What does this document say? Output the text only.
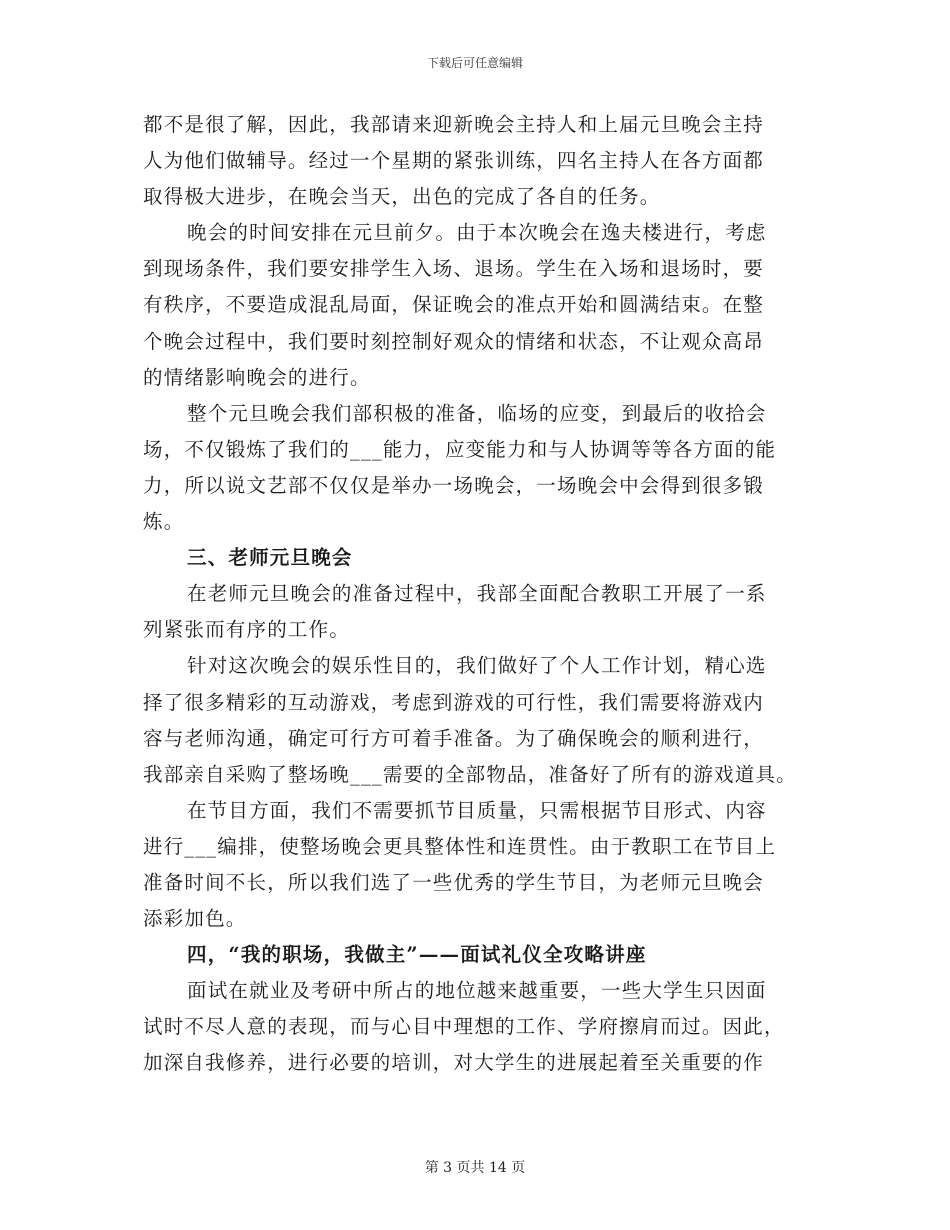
下载后可任意编辑
都不是很了解，因此，我部请来迎新晚会主持人和上届元旦晚会主持
人为他们做辅导。经过一个星期的紧张训练，四名主持人在各方面都
取得极大进步，在晚会当天，出色的完成了各自的任务。
晚会的时间安排在元旦前夕。由于本次晚会在逸夫楼进行，考虑
到现场条件，我们要安排学生入场、退场。学生在入场和退场时，要
有秩序，不要造成混乱局面，保证晚会的准点开始和圆满结束。在整
个晚会过程中，我们要时刻控制好观众的情绪和状态，不让观众高昂
的情绪影响晚会的进行。
整个元旦晚会我们部积极的准备，临场的应变，到最后的收拾会
场，不仅锻炼了我们的___能力，应变能力和与人协调等等各方面的能
力，所以说文艺部不仅仅是举办一场晚会，一场晚会中会得到很多锻
炼。
三、老师元旦晚会
在老师元旦晚会的准备过程中，我部全面配合教职工开展了一系
列紧张而有序的工作。
针对这次晚会的娱乐性目的，我们做好了个人工作计划，精心选
择了很多精彩的互动游戏，考虑到游戏的可行性，我们需要将游戏内
容与老师沟通，确定可行方可着手准备。为了确保晚会的顺利进行，
我部亲自采购了整场晚___需要的全部物品，准备好了所有的游戏道具。
在节目方面，我们不需要抓节目质量，只需根据节目形式、内容
进行___编排，使整场晚会更具整体性和连贯性。由于教职工在节目上
准备时间不长，所以我们选了一些优秀的学生节目，为老师元旦晚会
添彩加色。
四，“我的职场，我做主”——面试礼仪全攻略讲座
面试在就业及考研中所占的地位越来越重要，一些大学生只因面
试时不尽人意的表现，而与心目中理想的工作、学府擦肩而过。因此，
加深自我修养，进行必要的培训，对大学生的进展起着至关重要的作
第 3 页共 14 页
